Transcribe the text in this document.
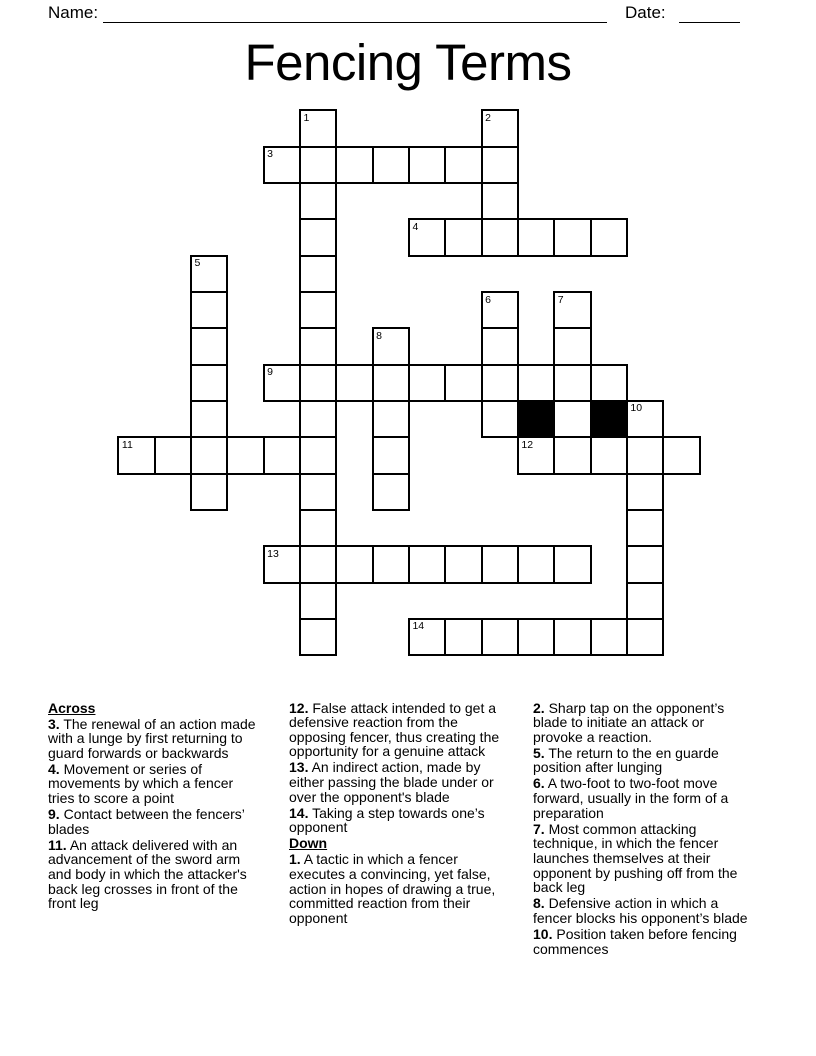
Name:	Date:
Fencing Terms
1	2
3
4
5
6	7
8
9
10
11	12
13
14
Across
3. The renewal of an action made with a lunge by first returning to guard forwards or backwards
4. Movement or series of movements by which a fencer tries to score a point
9. Contact between the fencers’ blades
11. An attack delivered with an advancement of the sword arm and body in which the attacker's back leg crosses in front of the front leg
12. False attack intended to get a defensive reaction from the opposing fencer, thus creating the opportunity for a genuine attack
13. An indirect action, made by either passing the blade under or over the opponent's blade
14. Taking a step towards one’s opponent
Down
1. A tactic in which a fencer executes a convincing, yet false, action in hopes of drawing a true, committed reaction from their opponent
2. Sharp tap on the opponent’s blade to initiate an attack or provoke a reaction.
5. The return to the en guarde position after lunging
6. A two-foot to two-foot move forward, usually in the form of a preparation
7. Most common attacking technique, in which the fencer launches themselves at their opponent by pushing off from the back leg
8. Defensive action in which a fencer blocks his opponent’s blade
10. Position taken before fencing commences
